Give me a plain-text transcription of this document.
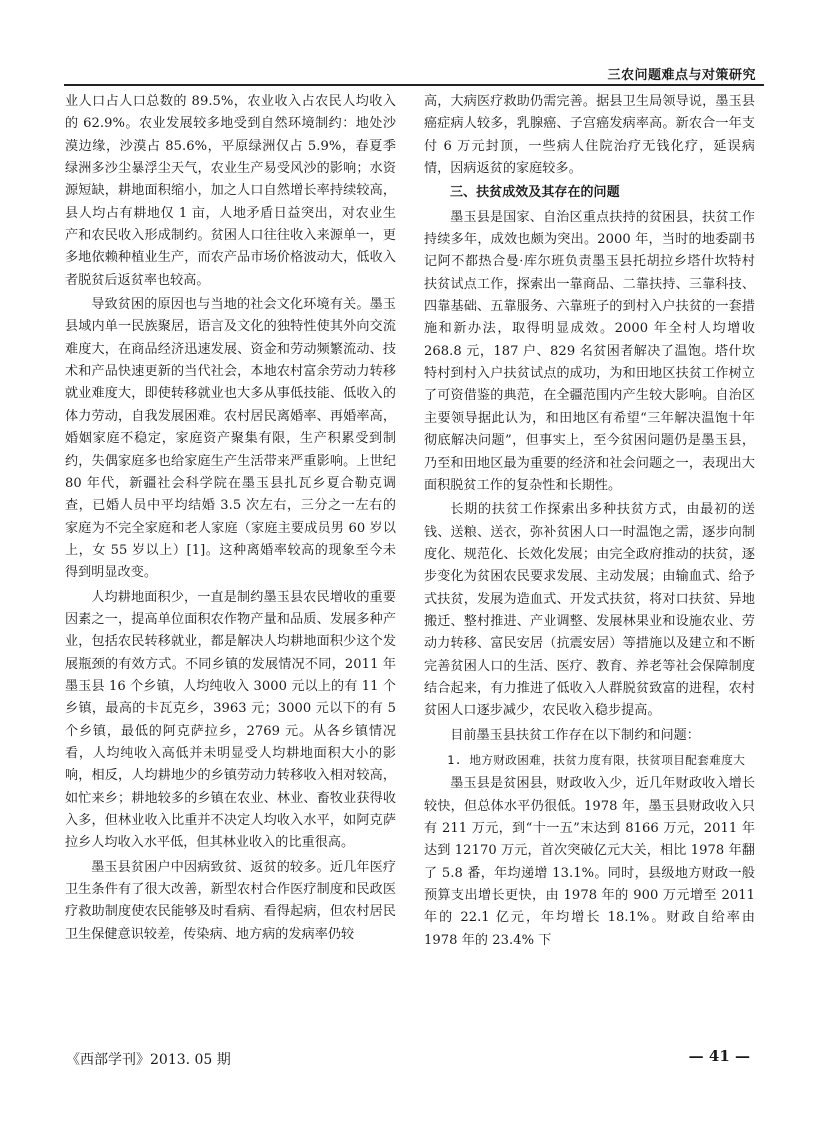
三农问题难点与对策研究

业人口占人口总数的 89.5%，农业收入占农民人均收入的 62.9%。农业发展较多地受到自然环境制约：地处沙漠边缘，沙漠占 85.6%，平原绿洲仅占 5.9%，春夏季绿洲多沙尘暴浮尘天气，农业生产易受风沙的影响；水资源短缺，耕地面积缩小，加之人口自然增长率持续较高，县人均占有耕地仅 1 亩，人地矛盾日益突出，对农业生产和农民收入形成制约。贫困人口往往收入来源单一，更多地依赖种植业生产，而农产品市场价格波动大，低收入者脱贫后返贫率也较高。

导致贫困的原因也与当地的社会文化环境有关。墨玉县域内单一民族聚居，语言及文化的独特性使其外向交流难度大，在商品经济迅速发展、资金和劳动频繁流动、技术和产品快速更新的当代社会，本地农村富余劳动力转移就业难度大，即使转移就业也大多从事低技能、低收入的体力劳动，自我发展困难。农村居民离婚率、再婚率高，婚姻家庭不稳定，家庭资产聚集有限，生产积累受到制约，失偶家庭多也给家庭生产生活带来严重影响。上世纪 80 年代，新疆社会科学院在墨玉县扎瓦乡夏合勒克调查，已婚人员中平均结婚 3.5 次左右，三分之一左右的家庭为不完全家庭和老人家庭（家庭主要成员男 60 岁以上，女 55 岁以上）[1]。这种离婚率较高的现象至今未得到明显改变。

人均耕地面积少，一直是制约墨玉县农民增收的重要因素之一，提高单位面积农作物产量和品质、发展多种产业，包括农民转移就业，都是解决人均耕地面积少这个发展瓶颈的有效方式。不同乡镇的发展情况不同，2011 年墨玉县 16 个乡镇，人均纯收入 3000 元以上的有 11 个乡镇，最高的卡瓦克乡，3963 元；3000 元以下的有 5 个乡镇，最低的阿克萨拉乡，2769 元。从各乡镇情况看，人均纯收入高低并未明显受人均耕地面积大小的影响，相反，人均耕地少的乡镇劳动力转移收入相对较高，如忙来乡；耕地较多的乡镇在农业、林业、畜牧业获得收入多，但林业收入比重并不决定人均收入水平，如阿克萨拉乡人均收入水平低，但其林业收入的比重很高。

墨玉县贫困户中因病致贫、返贫的较多。近几年医疗卫生条件有了很大改善，新型农村合作医疗制度和民政医疗救助制度使农民能够及时看病、看得起病，但农村居民卫生保健意识较差，传染病、地方病的发病率仍较

高，大病医疗救助仍需完善。据县卫生局领导说，墨玉县癌症病人较多，乳腺癌、子宫癌发病率高。新农合一年支付 6 万元封顶，一些病人住院治疗无钱化疗，延误病情，因病返贫的家庭较多。

三、扶贫成效及其存在的问题

墨玉县是国家、自治区重点扶持的贫困县，扶贫工作持续多年，成效也颇为突出。2000 年，当时的地委副书记阿不都热合曼·库尔班负责墨玉县托胡拉乡塔什坎特村扶贫试点工作，探索出一靠商品、二靠扶持、三靠科技、四靠基础、五靠服务、六靠班子的到村入户扶贫的一套措施和新办法，取得明显成效。2000 年全村人均增收 268.8 元，187 户、829 名贫困者解决了温饱。塔什坎特村到村入户扶贫试点的成功，为和田地区扶贫工作树立了可资借鉴的典范，在全疆范围内产生较大影响。自治区主要领导据此认为，和田地区有希望“三年解决温饱十年彻底解决问题”，但事实上，至今贫困问题仍是墨玉县，乃至和田地区最为重要的经济和社会问题之一，表现出大面积脱贫工作的复杂性和长期性。

长期的扶贫工作探索出多种扶贫方式，由最初的送钱、送粮、送衣，弥补贫困人口一时温饱之需，逐步向制度化、规范化、长效化发展；由完全政府推动的扶贫，逐步变化为贫困农民要求发展、主动发展；由输血式、给予式扶贫，发展为造血式、开发式扶贫，将对口扶贫、异地搬迁、整村推进、产业调整、发展林果业和设施农业、劳动力转移、富民安居（抗震安居）等措施以及建立和不断完善贫困人口的生活、医疗、教育、养老等社会保障制度结合起来，有力推进了低收入人群脱贫致富的进程，农村贫困人口逐步减少，农民收入稳步提高。

目前墨玉县扶贫工作存在以下制约和问题：

1. 地方财政困难，扶贫力度有限，扶贫项目配套难度大

墨玉县是贫困县，财政收入少，近几年财政收入增长较快，但总体水平仍很低。1978 年，墨玉县财政收入只有 211 万元，到“十一五”末达到 8166 万元，2011 年达到 12170 万元，首次突破亿元大关，相比 1978 年翻了 5.8 番，年均递增 13.1%。同时，县级地方财政一般预算支出增长更快，由 1978 年的 900 万元增至 2011 年的 22.1 亿元，年均增长 18.1%。财政自给率由 1978 年的 23.4% 下

《西部学刊》2013. 05 期	— 41 —
